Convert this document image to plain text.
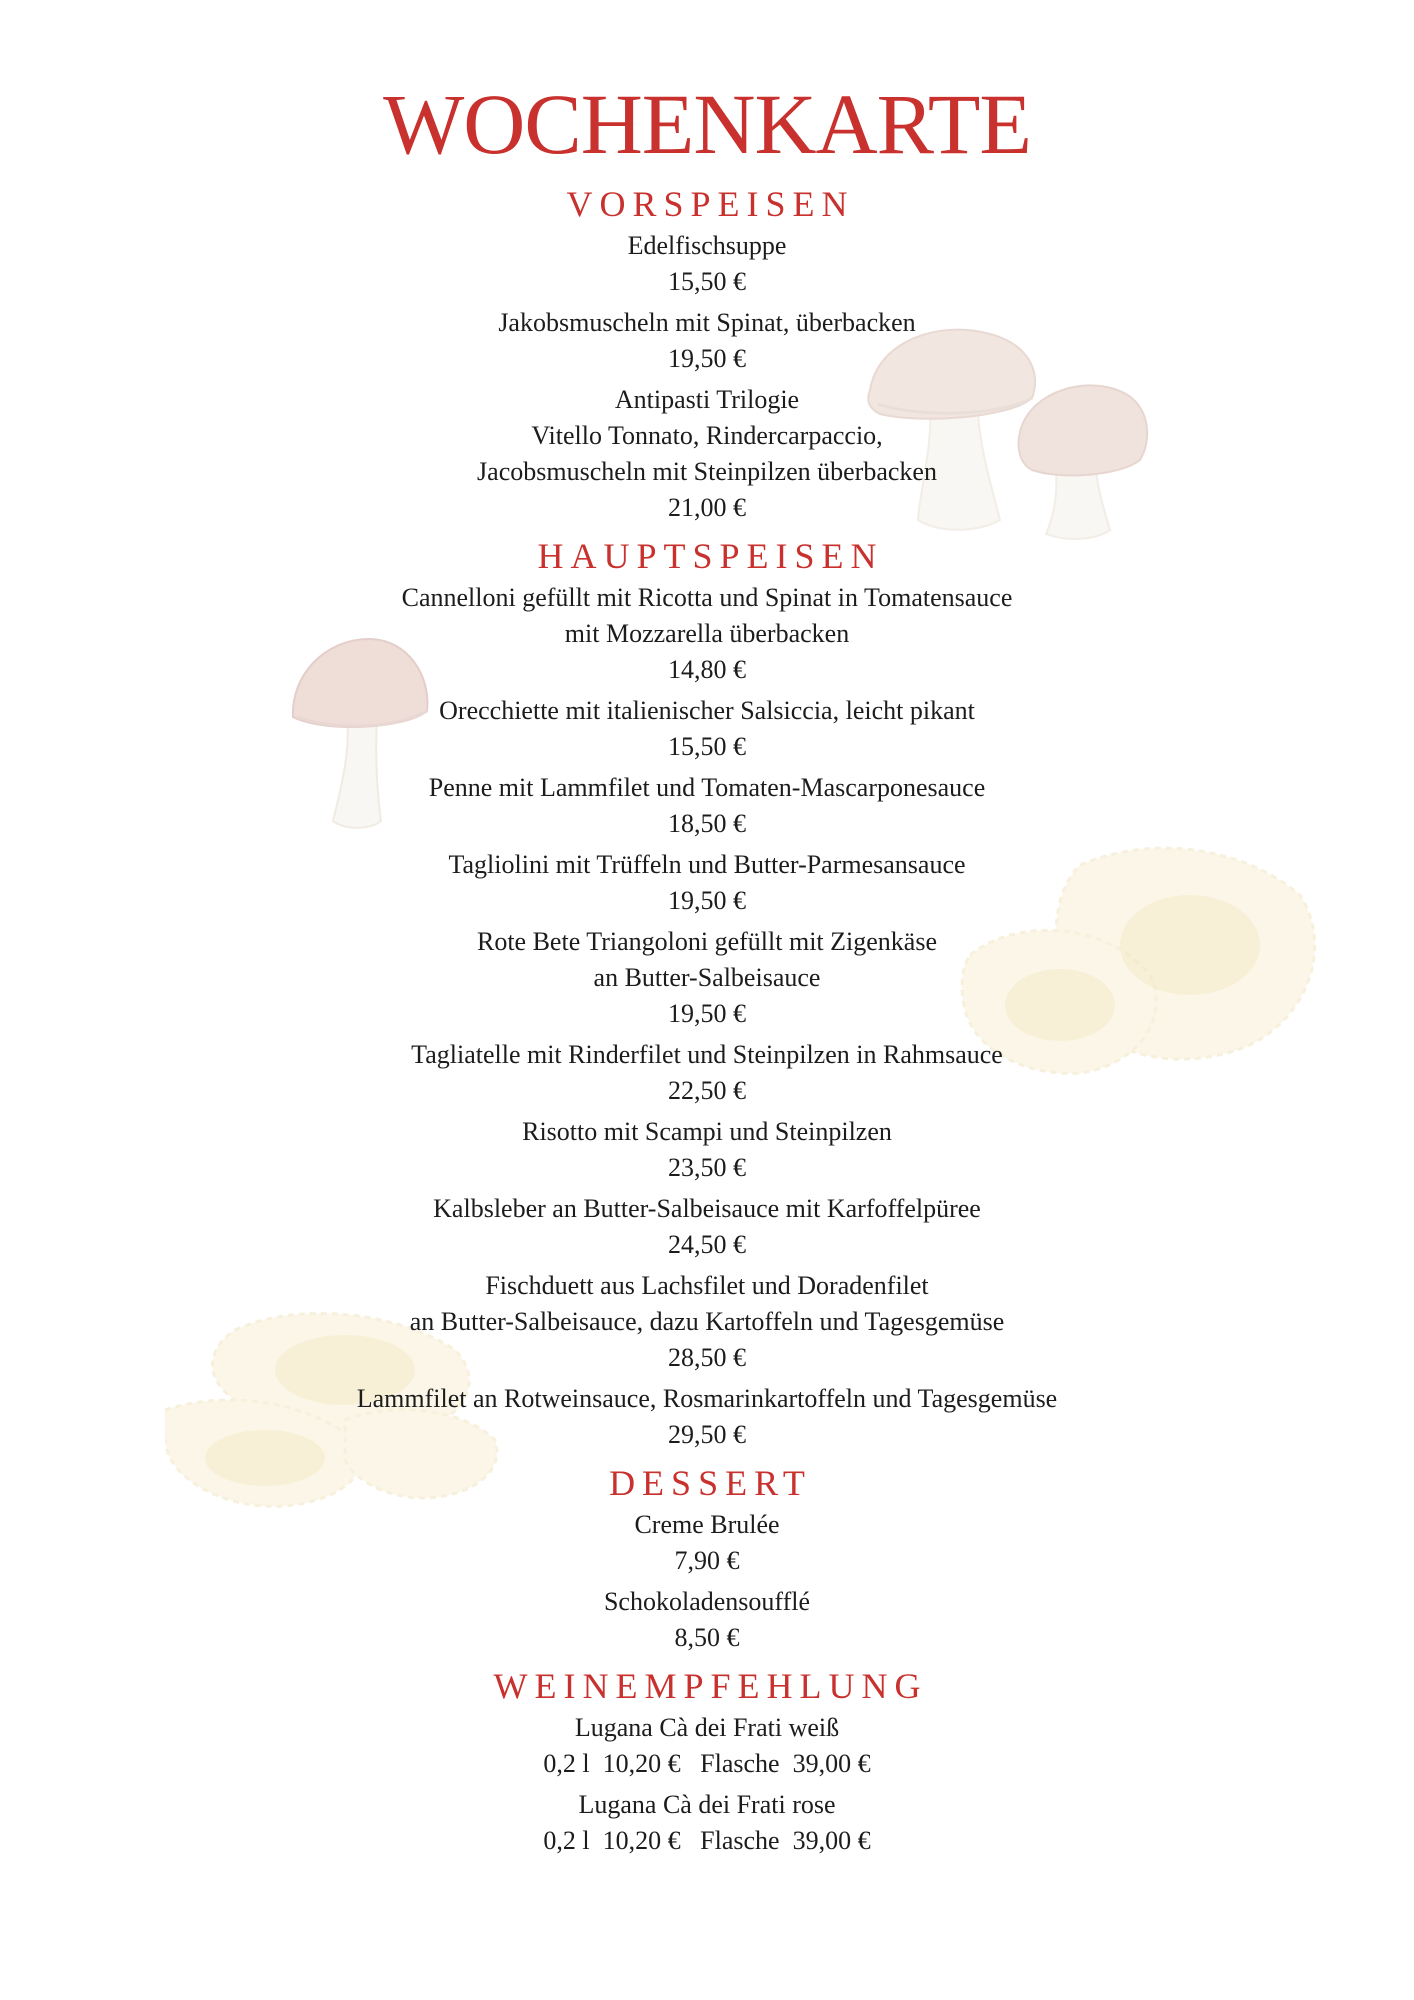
WOCHENKARTE
VORSPEISEN
Edelfischsuppe
15,50 €
Jakobsmuscheln mit Spinat, überbacken
19,50 €
Antipasti Trilogie
Vitello Tonnato, Rindercarpaccio,
Jacobsmuscheln mit Steinpilzen überbacken
21,00 €
HAUPTSPEISEN
Cannelloni gefüllt mit Ricotta und Spinat in Tomatensauce
mit Mozzarella überbacken
14,80 €
Orecchiette mit italienischer Salsiccia, leicht pikant
15,50 €
Penne mit Lammfilet und Tomaten-Mascarponesauce
18,50 €
Tagliolini mit Trüffeln und Butter-Parmesansauce
19,50 €
Rote Bete Triangoloni gefüllt mit Zigenkäse
an Butter-Salbeisauce
19,50 €
Tagliatelle mit Rinderfilet und Steinpilzen in Rahmsauce
22,50 €
Risotto mit Scampi und Steinpilzen
23,50 €
Kalbsleber an Butter-Salbeisauce mit Karfoffelpüree
24,50 €
Fischduett aus Lachsfilet und Doradenfilet
an Butter-Salbeisauce, dazu Kartoffeln und Tagesgemüse
28,50 €
Lammfilet an Rotweinsauce, Rosmarinkartoffeln und Tagesgemüse
29,50 €
DESSERT
Creme Brulée
7,90 €
Schokoladensoufflé
8,50 €
WEINEMPFEHLUNG
Lugana Cà dei Frati weiß
0,2 l 10,20 € Flasche 39,00 €
Lugana Cà dei Frati rose
0,2 l 10,20 € Flasche 39,00 €
